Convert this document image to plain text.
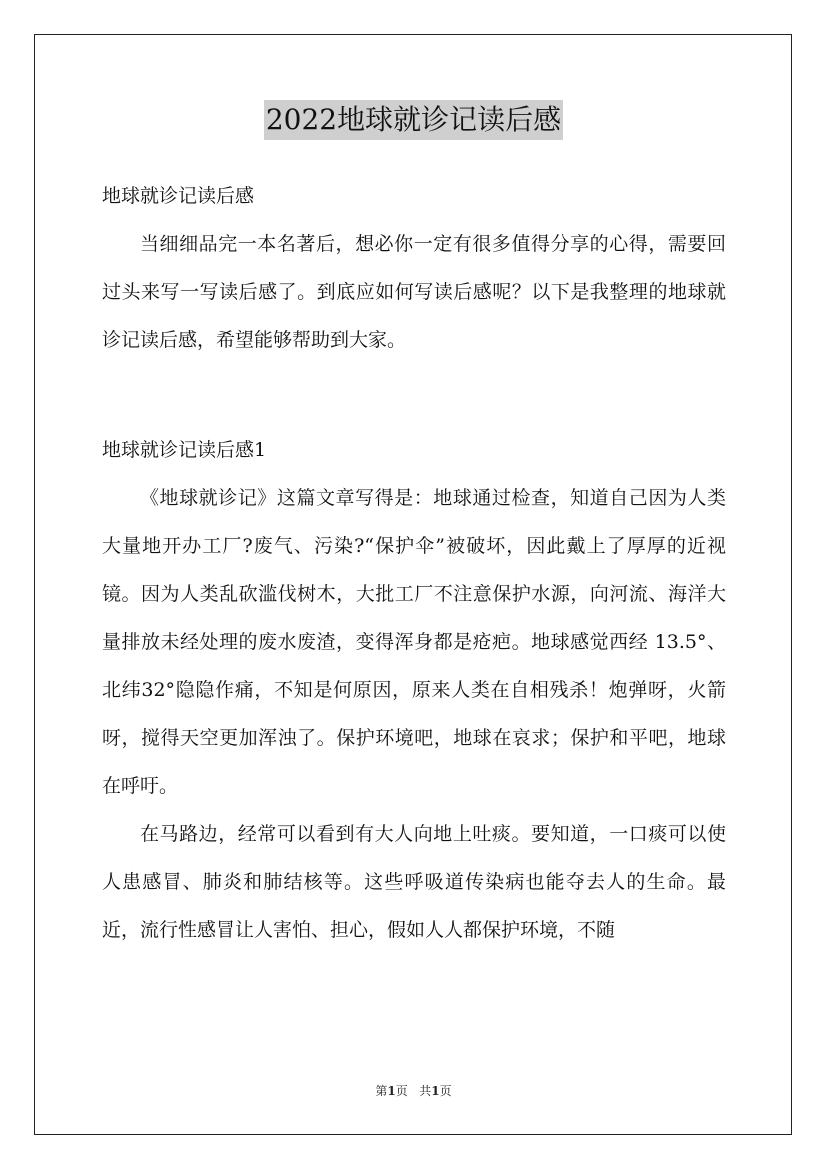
2022地球就诊记读后感

地球就诊记读后感

当细细品完一本名著后，想必你一定有很多值得分享的心得，需要回过头来写一写读后感了。到底应如何写读后感呢？以下是我整理的地球就诊记读后感，希望能够帮助到大家。

地球就诊记读后感1

《地球就诊记》这篇文章写得是：地球通过检查，知道自己因为人类大量地开办工厂?废气、污染?“保护伞”被破坏，因此戴上了厚厚的近视镜。因为人类乱砍滥伐树木，大批工厂不注意保护水源，向河流、海洋大量排放未经处理的废水废渣，变得浑身都是疮疤。地球感觉西经 13.5°、北纬32°隐隐作痛，不知是何原因，原来人类在自相残杀！炮弹呀，火箭呀，搅得天空更加浑浊了。保护环境吧，地球在哀求；保护和平吧，地球在呼吁。

在马路边，经常可以看到有大人向地上吐痰。要知道，一口痰可以使人患感冒、肺炎和肺结核等。这些呼吸道传染病也能夺去人的生命。最近，流行性感冒让人害怕、担心，假如人人都保护环境，不随

第1页 共1页
